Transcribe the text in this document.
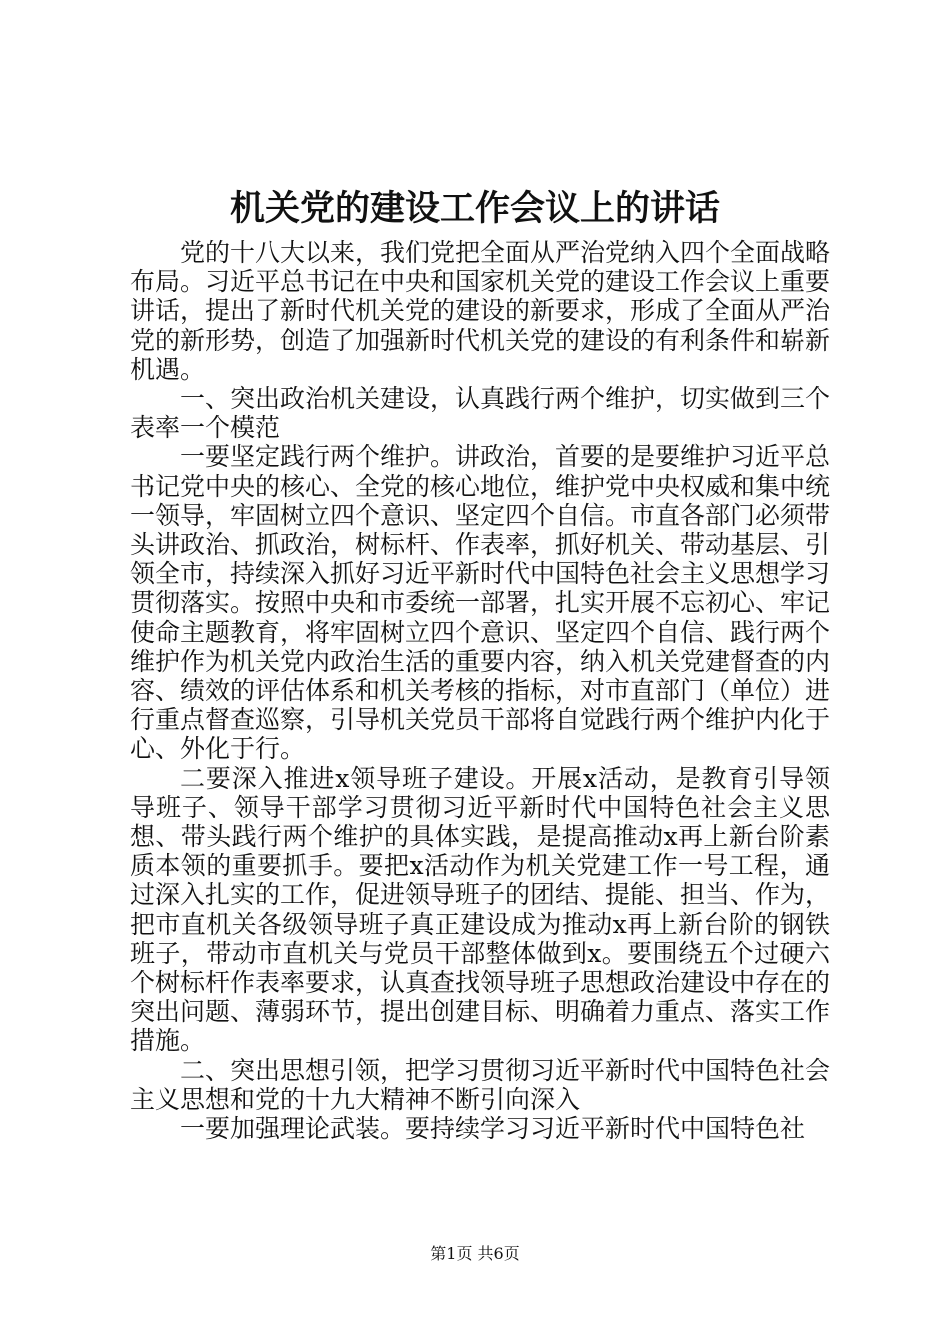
机关党的建设工作会议上的讲话

党的十八大以来，我们党把全面从严治党纳入四个全面战略布局。习近平总书记在中央和国家机关党的建设工作会议上重要讲话，提出了新时代机关党的建设的新要求，形成了全面从严治党的新形势，创造了加强新时代机关党的建设的有利条件和崭新机遇。

一、突出政治机关建设，认真践行两个维护，切实做到三个表率一个模范

一要坚定践行两个维护。讲政治，首要的是要维护习近平总书记党中央的核心、全党的核心地位，维护党中央权威和集中统一领导，牢固树立四个意识、坚定四个自信。市直各部门必须带头讲政治、抓政治，树标杆、作表率，抓好机关、带动基层、引领全市，持续深入抓好习近平新时代中国特色社会主义思想学习贯彻落实。按照中央和市委统一部署，扎实开展不忘初心、牢记使命主题教育，将牢固树立四个意识、坚定四个自信、践行两个维护作为机关党内政治生活的重要内容，纳入机关党建督查的内容、绩效的评估体系和机关考核的指标，对市直部门（单位）进行重点督查巡察，引导机关党员干部将自觉践行两个维护内化于心、外化于行。

二要深入推进x领导班子建设。开展x活动，是教育引导领导班子、领导干部学习贯彻习近平新时代中国特色社会主义思想、带头践行两个维护的具体实践，是提高推动x再上新台阶素质本领的重要抓手。要把x活动作为机关党建工作一号工程，通过深入扎实的工作，促进领导班子的团结、提能、担当、作为，把市直机关各级领导班子真正建设成为推动x再上新台阶的钢铁班子，带动市直机关与党员干部整体做到x。要围绕五个过硬六个树标杆作表率要求，认真查找领导班子思想政治建设中存在的突出问题、薄弱环节，提出创建目标、明确着力重点、落实工作措施。

二、突出思想引领，把学习贯彻习近平新时代中国特色社会主义思想和党的十九大精神不断引向深入

一要加强理论武装。要持续学习习近平新时代中国特色社

第1页 共6页
